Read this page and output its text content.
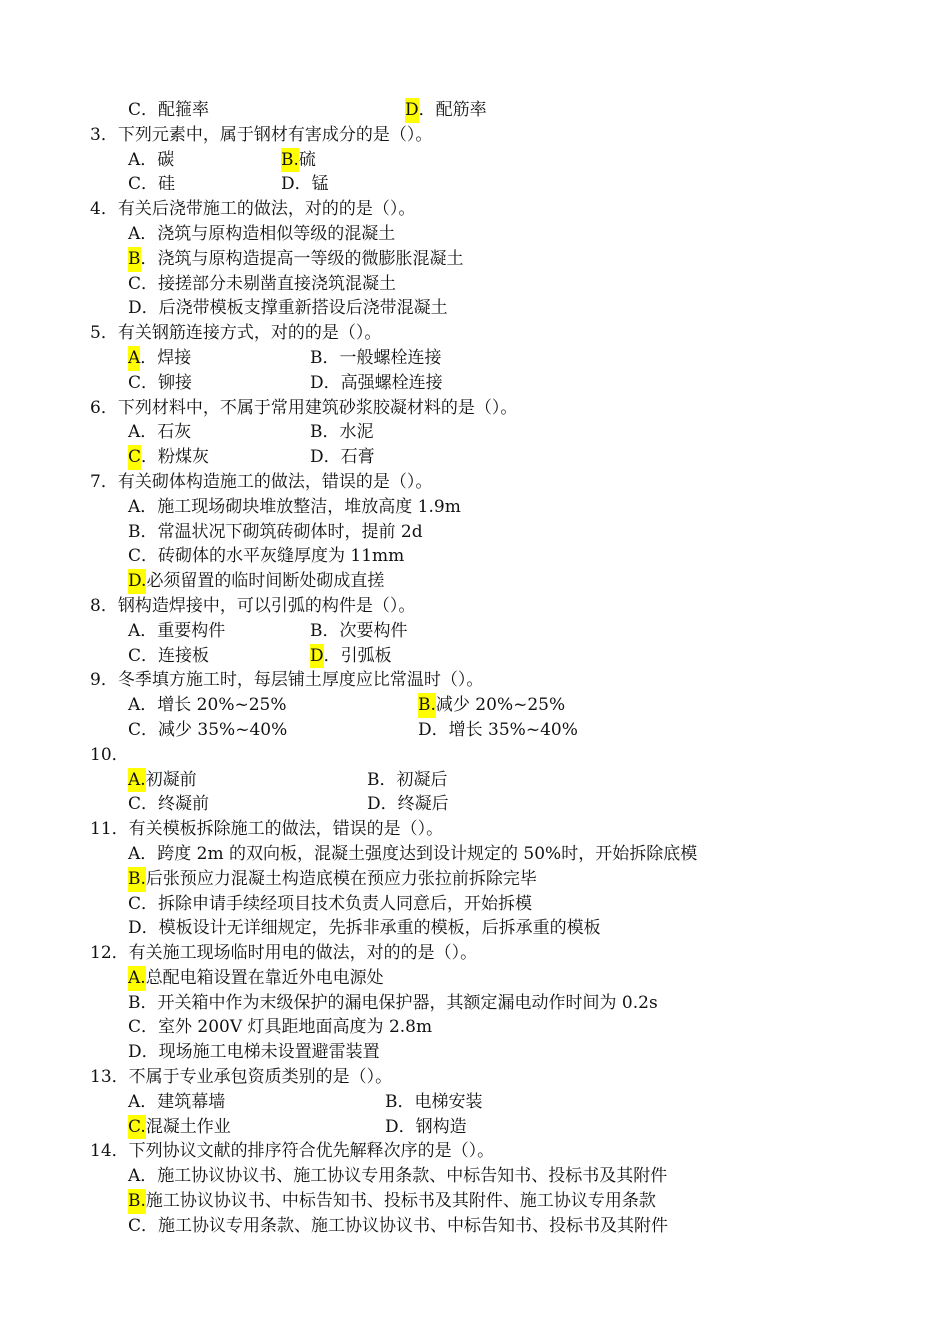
C．配箍率	D．配筋率
3．下列元素中，属于钢材有害成分的是（）。
A．碳	B.硫
C．硅	D．锰
4．有关后浇带施工的做法，对的的是（）。
A．浇筑与原构造相似等级的混凝土
B．浇筑与原构造提高一等级的微膨胀混凝土
C．接搓部分未剔凿直接浇筑混凝土
D．后浇带模板支撑重新搭设后浇带混凝土
5．有关钢筋连接方式，对的的是（）。
A．焊接	B．一般螺栓连接
C．铆接	D．高强螺栓连接
6．下列材料中，不属于常用建筑砂浆胶凝材料的是（）。
A．石灰	B．水泥
C．粉煤灰	D．石膏
7．有关砌体构造施工的做法，错误的是（）。
A．施工现场砌块堆放整洁，堆放高度 1.9m
B．常温状况下砌筑砖砌体时，提前 2d
C．砖砌体的水平灰缝厚度为 11mm
D.必须留置的临时间断处砌成直搓
8．钢构造焊接中，可以引弧的构件是（）。
A．重要构件	B．次要构件
C．连接板	D．引弧板
9．冬季填方施工时，每层铺土厚度应比常温时（）。
A．增长 20%~25%	B.减少 20%~25%
C．减少 35%~40%	D．增长 35%~40%
10．
A.初凝前	B．初凝后
C．终凝前	D．终凝后
11．有关模板拆除施工的做法，错误的是（）。
A．跨度 2m 的双向板，混凝土强度达到设计规定的 50%时，开始拆除底模
B.后张预应力混凝土构造底模在预应力张拉前拆除完毕
C．拆除申请手续经项目技术负责人同意后，开始拆模
D．模板设计无详细规定，先拆非承重的模板，后拆承重的模板
12．有关施工现场临时用电的做法，对的的是（）。
A.总配电箱设置在靠近外电电源处
B．开关箱中作为末级保护的漏电保护器，其额定漏电动作时间为 0.2s
C．室外 200V 灯具距地面高度为 2.8m
D．现场施工电梯未设置避雷装置
13．不属于专业承包资质类别的是（）。
A．建筑幕墙	B．电梯安装
C.混凝土作业	D．钢构造
14．下列协议文献的排序符合优先解释次序的是（）。
A．施工协议协议书、施工协议专用条款、中标告知书、投标书及其附件
B.施工协议协议书、中标告知书、投标书及其附件、施工协议专用条款
C．施工协议专用条款、施工协议协议书、中标告知书、投标书及其附件
